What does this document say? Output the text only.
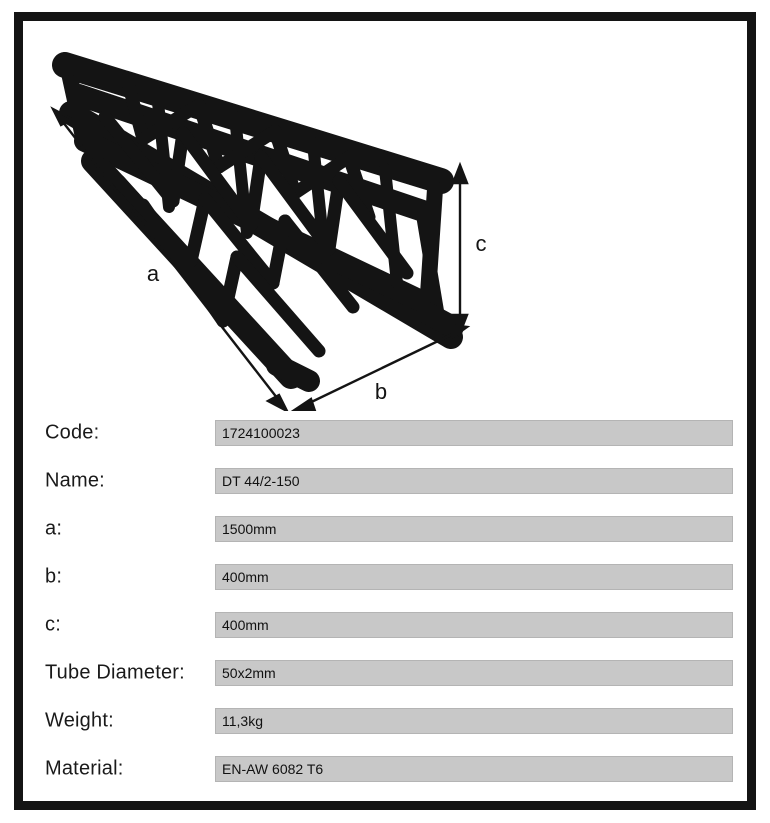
a
b
c
Code:	1724100023
Name:	DT 44/2-150
a:	1500mm
b:	400mm
c:	400mm
Tube Diameter:	50x2mm
Weight:	11,3kg
Material:	EN-AW 6082 T6
